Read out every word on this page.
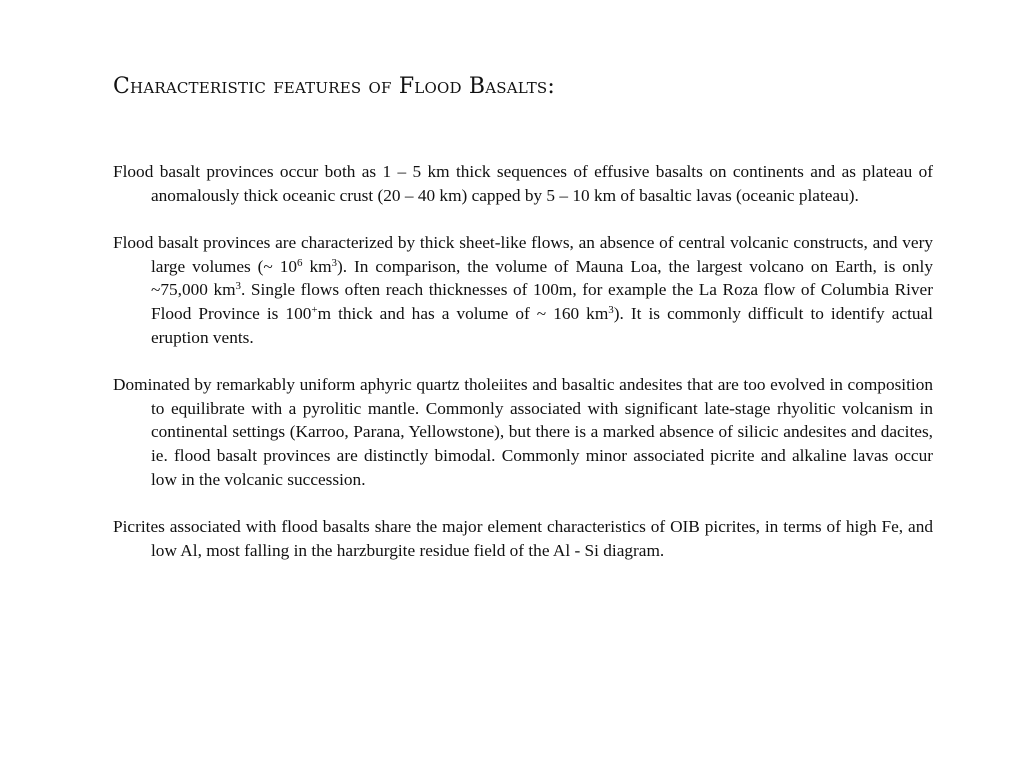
Characteristic features of Flood Basalts:

Flood basalt provinces occur both as 1 – 5 km thick sequences of effusive basalts on continents and as plateau of anomalously thick oceanic crust (20 – 40 km) capped by 5 – 10 km of basaltic lavas (oceanic plateau).

Flood basalt provinces are characterized by thick sheet-like flows, an absence of central volcanic constructs, and very large volumes (~ $10^6$ $km^3$). In comparison, the volume of Mauna Loa, the largest volcano on Earth, is only ~75,000 $km^3$. Single flows often reach thicknesses of 100m, for example the La Roza flow of Columbia River Flood Province is 100+m thick and has a volume of ~ 160 $km^3$). It is commonly difficult to identify actual eruption vents.

Dominated by remarkably uniform aphyric quartz tholeiites and basaltic andesites that are too evolved in composition to equilibrate with a pyrolitic mantle. Commonly associated with significant late-stage rhyolitic volcanism in continental settings (Karroo, Parana, Yellowstone), but there is a marked absence of silicic andesites and dacites, ie. flood basalt provinces are distinctly bimodal. Commonly minor associated picrite and alkaline lavas occur low in the volcanic succession.

Picrites associated with flood basalts share the major element characteristics of OIB picrites, in terms of high Fe, and low Al, most falling in the harzburgite residue field of the Al - Si diagram.
